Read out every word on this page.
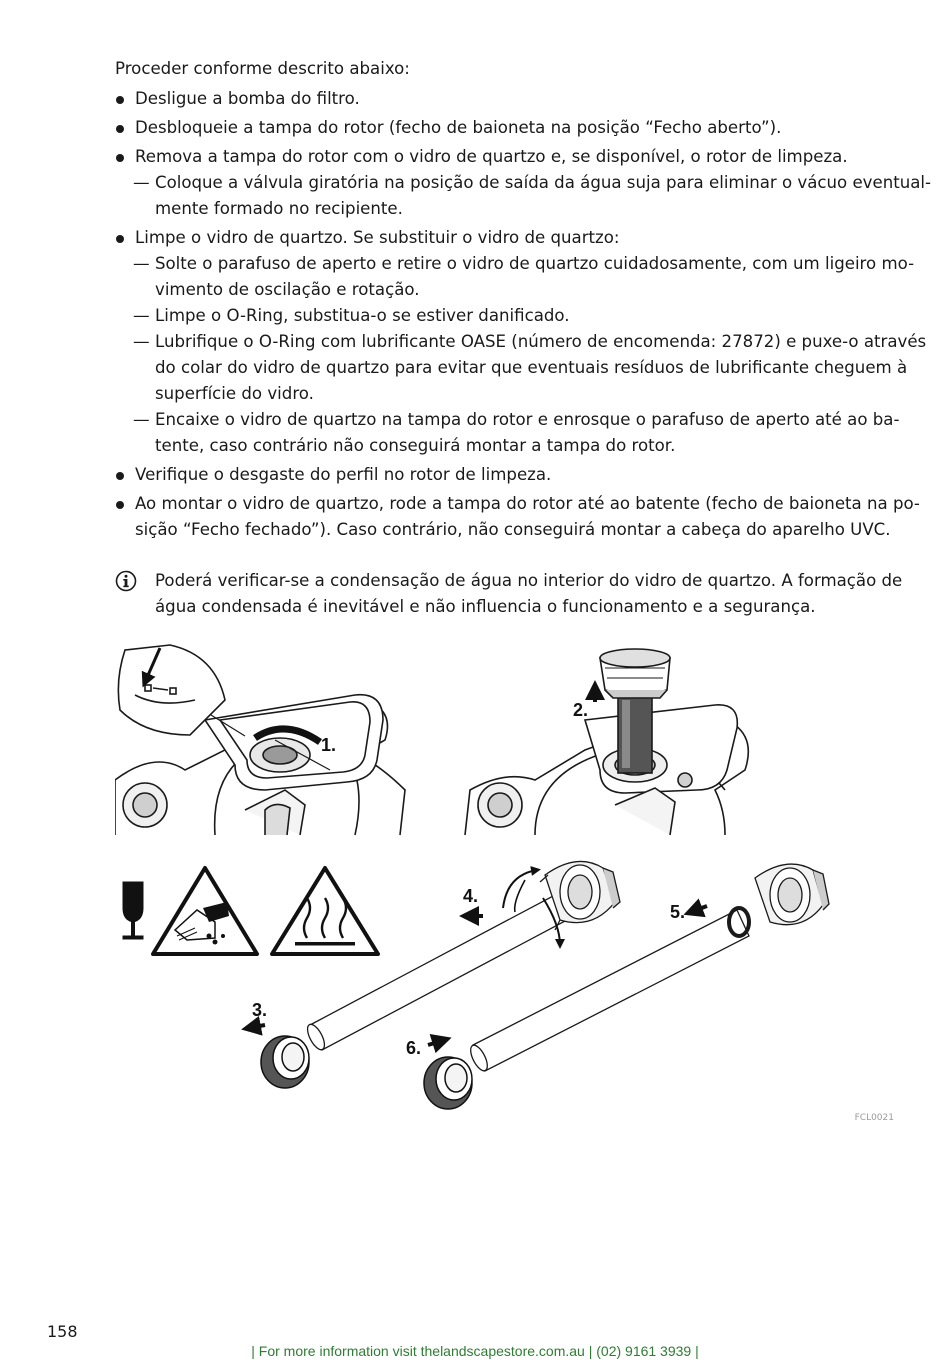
Proceder conforme descrito abaixo:
Desligue a bomba do filtro.
Desbloqueie a tampa do rotor (fecho de baioneta na posição “Fecho aberto”).
Remova a tampa do rotor com o vidro de quartzo e, se disponível, o rotor de limpeza.
— Coloque a válvula giratória na posição de saída da água suja para eliminar o vácuo eventual-
mente formado no recipiente.
Limpe o vidro de quartzo. Se substituir o vidro de quartzo:
— Solte o parafuso de aperto e retire o vidro de quartzo cuidadosamente, com um ligeiro mo-
vimento de oscilação e rotação.
— Limpe o O-Ring, substitua-o se estiver danificado.
— Lubrifique o O-Ring com lubrificante OASE (número de encomenda: 27872) e puxe-o através
do colar do vidro de quartzo para evitar que eventuais resíduos de lubrificante cheguem à
superfície do vidro.
— Encaixe o vidro de quartzo na tampa do rotor e enrosque o parafuso de aperto até ao ba-
tente, caso contrário não conseguirá montar a tampa do rotor.
Verifique o desgaste do perfil no rotor de limpeza.
Ao montar o vidro de quartzo, rode a tampa do rotor até ao batente (fecho de baioneta na po-
sição “Fecho fechado”). Caso contrário, não conseguirá montar a cabeça do aparelho UVC.
Poderá verificar-se a condensação de água no interior do vidro de quartzo. A formação de
água condensada é inevitável e não influencia o funcionamento e a segurança.
1.
2.
4.
5.
3.
6.
FCL0021
158
| For more information visit thelandscapestore.com.au | (02) 9161 3939 |
